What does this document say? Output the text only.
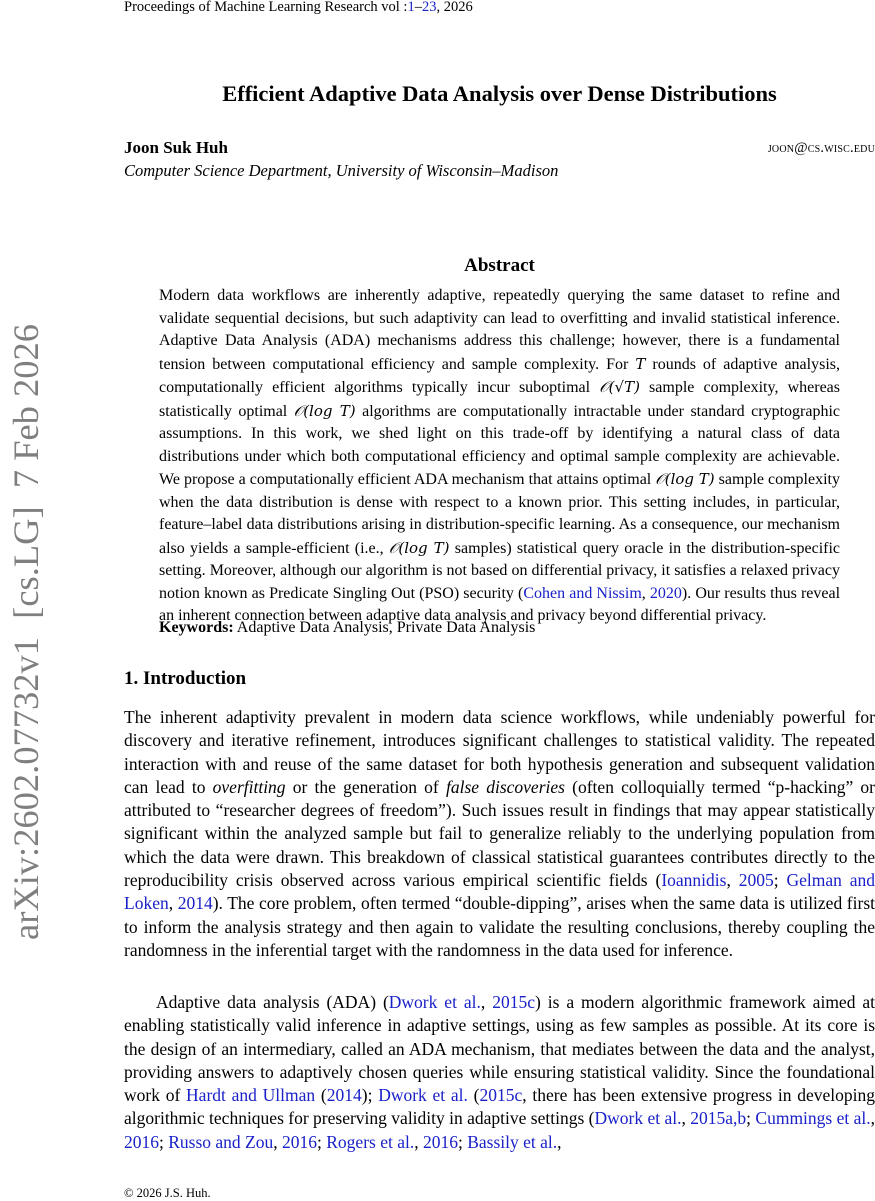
Proceedings of Machine Learning Research vol :1–23, 2026
arXiv:2602.07732v1  [cs.LG]  7 Feb 2026
Efficient Adaptive Data Analysis over Dense Distributions
Joon Suk Huh	joon@cs.wisc.edu
Computer Science Department, University of Wisconsin–Madison
Abstract

Modern data workflows are inherently adaptive, repeatedly querying the same dataset to refine and validate sequential decisions, but such adaptivity can lead to overfitting and invalid statistical inference. Adaptive Data Analysis (ADA) mechanisms address this challenge; however, there is a fundamental tension between computational efficiency and sample complexity. For T rounds of adaptive analysis, computationally efficient algorithms typically incur suboptimal 𝒪(√T) sample complexity, whereas statistically optimal 𝒪(log T) algorithms are computationally intractable under standard cryptographic assumptions. In this work, we shed light on this trade-off by identifying a natural class of data distributions under which both computational efficiency and optimal sample complexity are achievable. We propose a computationally efficient ADA mechanism that attains optimal 𝒪(log T) sample complexity when the data distribution is dense with respect to a known prior. This setting includes, in particular, feature–label data distributions arising in distribution-specific learning. As a consequence, our mechanism also yields a sample-efficient (i.e., 𝒪(log T) samples) statistical query oracle in the distribution-specific setting. Moreover, although our algorithm is not based on differential privacy, it satisfies a relaxed privacy notion known as Predicate Singling Out (PSO) security (Cohen and Nissim, 2020). Our results thus reveal an inherent connection between adaptive data analysis and privacy beyond differential privacy.

Keywords: Adaptive Data Analysis, Private Data Analysis
1. Introduction

The inherent adaptivity prevalent in modern data science workflows, while undeniably powerful for discovery and iterative refinement, introduces significant challenges to statistical validity. The repeated interaction with and reuse of the same dataset for both hypothesis generation and subsequent validation can lead to overfitting or the generation of false discoveries (often colloquially termed “p-hacking” or attributed to “researcher degrees of freedom”). Such issues result in findings that may appear statistically significant within the analyzed sample but fail to generalize reliably to the underlying population from which the data were drawn. This breakdown of classical statistical guarantees contributes directly to the reproducibility crisis observed across various empirical scientific fields (Ioannidis, 2005; Gelman and Loken, 2014). The core problem, often termed “double-dipping”, arises when the same data is utilized first to inform the analysis strategy and then again to validate the resulting conclusions, thereby coupling the randomness in the inferential target with the randomness in the data used for inference.

Adaptive data analysis (ADA) (Dwork et al., 2015c) is a modern algorithmic framework aimed at enabling statistically valid inference in adaptive settings, using as few samples as possible. At its core is the design of an intermediary, called an ADA mechanism, that mediates between the data and the analyst, providing answers to adaptively chosen queries while ensuring statistical validity. Since the foundational work of Hardt and Ullman (2014); Dwork et al. (2015c, there has been extensive progress in developing algorithmic techniques for preserving validity in adaptive settings (Dwork et al., 2015a,b; Cummings et al., 2016; Russo and Zou, 2016; Rogers et al., 2016; Bassily et al.,

© 2026 J.S. Huh.
